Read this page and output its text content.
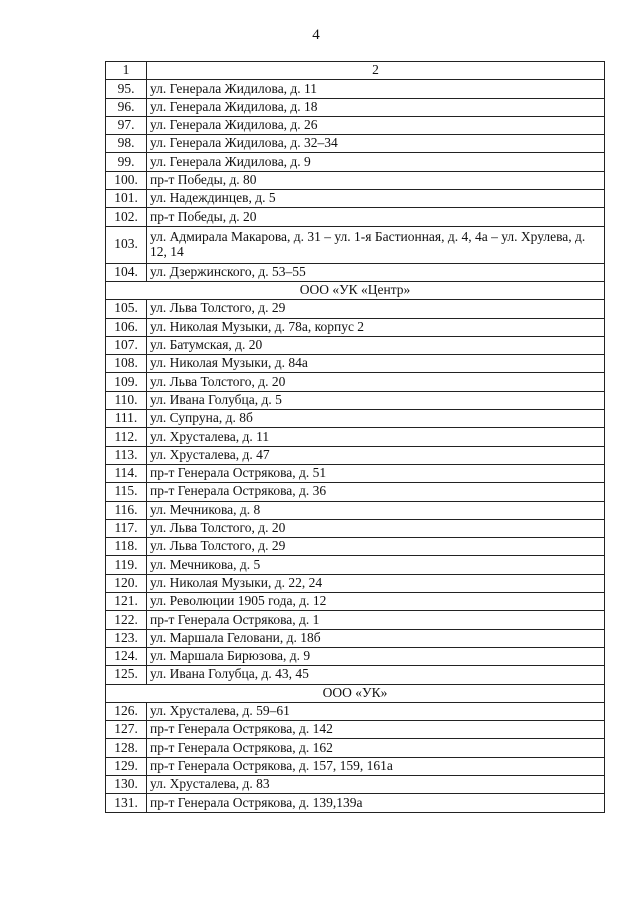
4
1	2
95.	ул. Генерала Жидилова, д. 11
96.	ул. Генерала Жидилова, д. 18
97.	ул. Генерала Жидилова, д. 26
98.	ул. Генерала Жидилова, д. 32–34
99.	ул. Генерала Жидилова, д. 9
100.	пр-т Победы, д. 80
101.	ул. Надеждинцев, д. 5
102.	пр-т Победы, д. 20
103.	ул. Адмирала Макарова, д. 31 – ул. 1-я Бастионная, д. 4, 4а – ул. Хрулева, д. 12, 14
104.	ул. Дзержинского, д. 53–55
ООО «УК «Центр»	
105.	ул. Льва Толстого, д. 29
106.	ул. Николая Музыки, д. 78а, корпус 2
107.	ул. Батумская, д. 20
108.	ул. Николая Музыки, д. 84а
109.	ул. Льва Толстого, д. 20
110.	ул. Ивана Голубца, д. 5
111.	ул. Супруна, д. 8б
112.	ул. Хрусталева, д. 11
113.	ул. Хрусталева, д. 47
114.	пр-т Генерала Острякова, д. 51
115.	пр-т Генерала Острякова, д. 36
116.	ул. Мечникова, д. 8
117.	ул. Льва Толстого, д. 20
118.	ул. Льва Толстого, д. 29
119.	ул. Мечникова, д. 5
120.	ул. Николая Музыки, д. 22, 24
121.	ул. Революции 1905 года, д. 12
122.	пр-т Генерала Острякова, д. 1
123.	ул. Маршала Геловани, д. 18б
124.	ул. Маршала Бирюзова, д. 9
125.	ул. Ивана Голубца, д. 43, 45
ООО «УК»	
126.	ул. Хрусталева, д. 59–61
127.	пр-т Генерала Острякова, д. 142
128.	пр-т Генерала Острякова, д. 162
129.	пр-т Генерала Острякова, д. 157, 159, 161а
130.	ул. Хрусталева, д. 83
131.	пр-т Генерала Острякова, д. 139,139а
